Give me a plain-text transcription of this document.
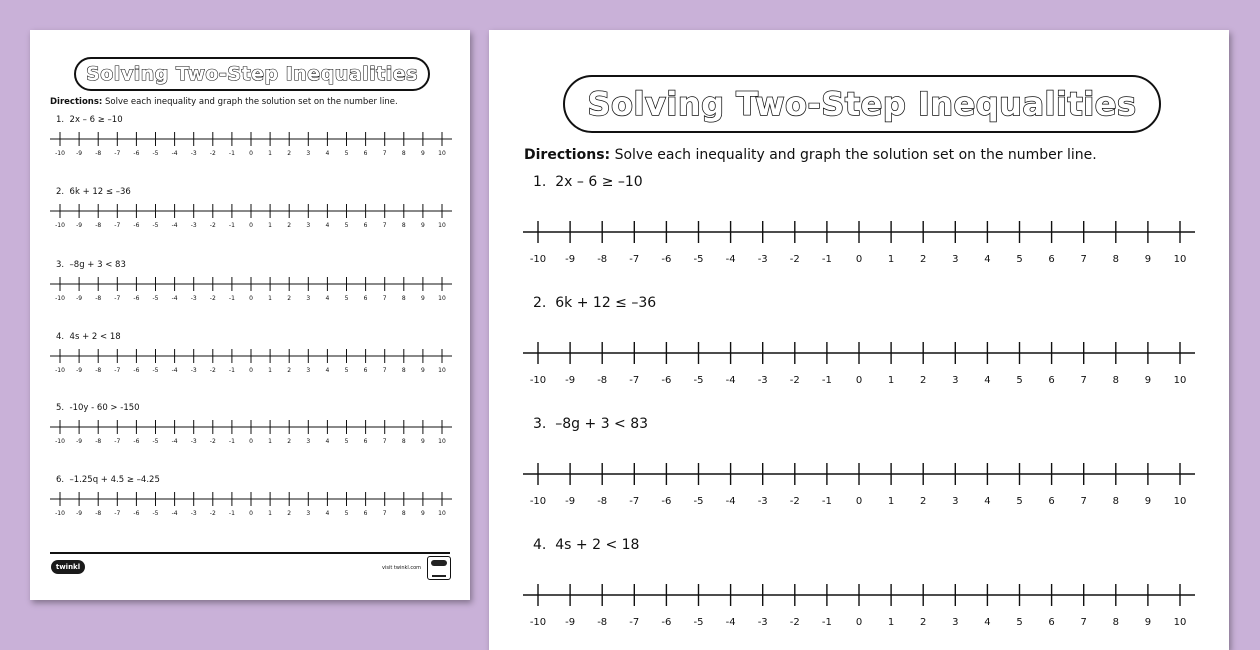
Solving Two-Step Inequalities
Directions: Solve each inequality and graph the solution set on the number line.
1. 2x – 6 ≥ –10
-10 -9 -8 -7 -6 -5 -4 -3 -2 -1 0	1	2	3	4	5	6	7	8	9 10
2. 6k + 12 ≤ –36
-10 -9 -8 -7 -6 -5 -4 -3 -2 -1 0	1	2	3	4	5	6	7	8	9 10
3. –8g + 3 < 83
-10 -9 -8 -7 -6 -5 -4 -3 -2 -1 0	1	2	3	4	5	6	7	8	9 10
4. 4s + 2 < 18
-10 -9 -8 -7 -6 -5 -4 -3 -2 -1 0	1	2	3	4	5	6	7	8	9 10
5. -10y - 60 > -150
-10 -9 -8 -7 -6 -5 -4 -3 -2 -1 0	1	2	3	4	5	6	7	8	9 10
6. –1.25q + 4.5 ≥ –4.25
-10 -9 -8 -7 -6 -5 -4 -3 -2 -1 0	1	2	3	4	5	6	7	8	9 10
twinkl	visit twinkl.com
Solving Two-Step Inequalities
Directions: Solve each inequality and graph the solution set on the number line.
1. 2x – 6 ≥ –10
-10 -9 -8 -7 -6 -5 -4 -3 -2 -1 0	1	2	3	4	5	6	7	8	9 10
2. 6k + 12 ≤ –36
-10 -9 -8 -7 -6 -5 -4 -3 -2 -1 0	1	2	3	4	5	6	7	8	9 10
3. –8g + 3 < 83
-10 -9 -8 -7 -6 -5 -4 -3 -2 -1 0	1	2	3	4	5	6	7	8	9 10
4. 4s + 2 < 18
-10 -9 -8 -7 -6 -5 -4 -3 -2 -1 0	1	2	3	4	5	6	7	8	9 10
